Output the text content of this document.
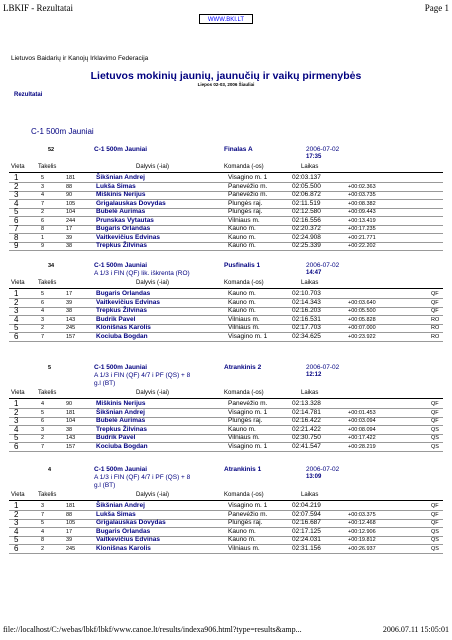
LBKIF - Rezultatai	Page 1
WWW.BKI.LT
Lietuvos Baidarių ir Kanojų Irklavimo Federacija
Lietuvos mokinių jaunių, jaunučių ir vaikų pirmenybės
Liepos 02-03, 2006 Šiauliai
Rezultatai
C-1 500m Jauniai
52	C-1 500m Jauniai	Finalas A	2006-07-02
17:35
Vieta Takelis	Dalyvis (-iai)	Komanda (-os)	Laikas
1	5	181	Šikšnian Andrej	Visagino m. 1	02:03.137
2	3	88	Lukša Simas	Panevėžio m.	02:05.500	+00:02.363
3	4	90	Miškinis Nerijus	Panevėžio m.	02:06.872	+00:03.735
4	7	105	Grigalauskas Dovydas	Plungės raj.	02:11.519	+00:08.382
5	2	104	Bubelė Aurimas	Plungės raj.	02:12.580	+00:09.443
6	6	244	Prunskas Vytautas	Vilniaus m.	02:16.556	+00:13.419
7	8	17	Bugaris Orlandas	Kauno m.	02:20.372	+00:17.235
8	1	39	Vaitkevičius Edvinas	Kauno m.	02:24.908	+00:21.771
9	9	38	Trepkus Žilvinas	Kauno m.	02:25.339	+00:22.202
34	C-1 500m Jauniai
A 1/3 i FIN (QF) lik. iškrenta (RO)
Pusfinalis 1	2006-07-02
14:47
Vieta Takelis	Dalyvis (-iai)	Komanda (-os)	Laikas
1	5	17	Bugaris Orlandas	Kauno m.	02:10.703	QF
2	6	39	Vaitkevičius Edvinas	Kauno m.	02:14.343	+00:03.640	QF
3	4	38	Trepkus Žilvinas	Kauno m.	02:16.203	+00:05.500	QF
4	3	143	Budrik Pavel	Vilniaus m.	02:16.531	+00:05.828	RO
5	2	245	Klonišnas Karolis	Vilniaus m.	02:17.703	+00:07.000	RO
6	7	157	Kociuba Bogdan	Visagino m. 1	02:34.625	+00:23.922	RO
5	C-1 500m Jauniai
A 1/3 i FIN (QF) 4/7 i PF (QS) + 8
g.l (BT)
Atrankinis 2	2006-07-02
12:12
Vieta Takelis	Dalyvis (-iai)	Komanda (-os)	Laikas
1	4	90	Miškinis Nerijus	Panevėžio m.	02:13.328	QF
2	5	181	Šikšnian Andrej	Visagino m. 1	02:14.781	+00:01.453	QF
3	6	104	Bubelė Aurimas	Plungės raj.	02:16.422	+00:03.094	QF
4	3	38	Trepkus Žilvinas	Kauno m.	02:21.422	+00:08.094	QS
5	2	143	Budrik Pavel	Vilniaus m.	02:30.750	+00:17.422	QS
6	7	157	Kociuba Bogdan	Visagino m. 1	02:41.547	+00:28.219	QS
4	C-1 500m Jauniai
A 1/3 i FIN (QF) 4/7 i PF (QS) + 8
g.l (BT)
Atrankinis 1	2006-07-02
13:09
Vieta Takelis	Dalyvis (-iai)	Komanda (-os)	Laikas
1	3	181	Šikšnian Andrej	Visagino m. 1	02:04.219	QF
2	7	88	Lukša Simas	Panevėžio m.	02:07.594	+00:03.375	QF
3	5	105	Grigalauskas Dovydas	Plungės raj.	02:16.687	+00:12.468	QF
4	4	17	Bugaris Orlandas	Kauno m.	02:17.125	+00:12.906	QS
5	8	39	Vaitkevičius Edvinas	Kauno m.	02:24.031	+00:19.812	QS
6	2	245	Klonišnas Karolis	Vilniaus m.	02:31.156	+00:26.937	QS
file://localhost/C:/webas/lbkf/lbkf/www.canoe.lt/results/indexa906.html?type=results&amp...	2006.07.11 15:05:01
